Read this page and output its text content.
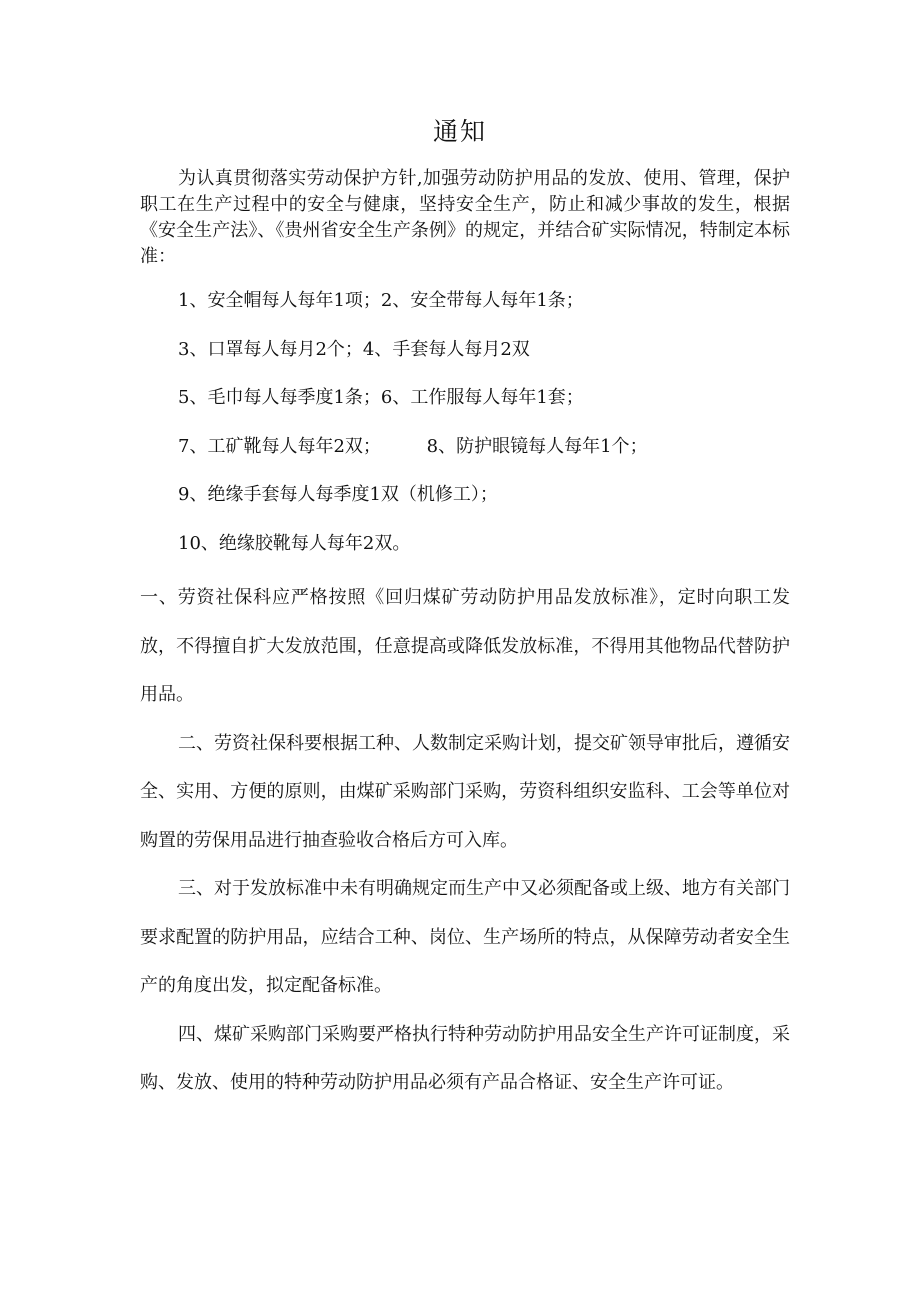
通知

为认真贯彻落实劳动保护方针,加强劳动防护用品的发放、使用、管理，保护职工在生产过程中的安全与健康，坚持安全生产，防止和减少事故的发生，根据《安全生产法》、《贵州省安全生产条例》的规定，并结合矿实际情况，特制定本标准：

1、安全帽每人每年1项；2、安全带每人每年1条；
3、口罩每人每月2个；4、手套每人每月2双
5、毛巾每人每季度1条；6、工作服每人每年1套；
7、工矿靴每人每年2双；        8、防护眼镜每人每年1个；
9、绝缘手套每人每季度1双（机修工）；
10、绝缘胶靴每人每年2双。

一、劳资社保科应严格按照《回归煤矿劳动防护用品发放标准》，定时向职工发放，不得擅自扩大发放范围，任意提高或降低发放标准，不得用其他物品代替防护用品。

二、劳资社保科要根据工种、人数制定采购计划，提交矿领导审批后，遵循安全、实用、方便的原则，由煤矿采购部门采购，劳资科组织安监科、工会等单位对购置的劳保用品进行抽查验收合格后方可入库。

三、对于发放标准中未有明确规定而生产中又必须配备或上级、地方有关部门要求配置的防护用品，应结合工种、岗位、生产场所的特点，从保障劳动者安全生产的角度出发，拟定配备标准。

四、煤矿采购部门采购要严格执行特种劳动防护用品安全生产许可证制度，采购、发放、使用的特种劳动防护用品必须有产品合格证、安全生产许可证。
